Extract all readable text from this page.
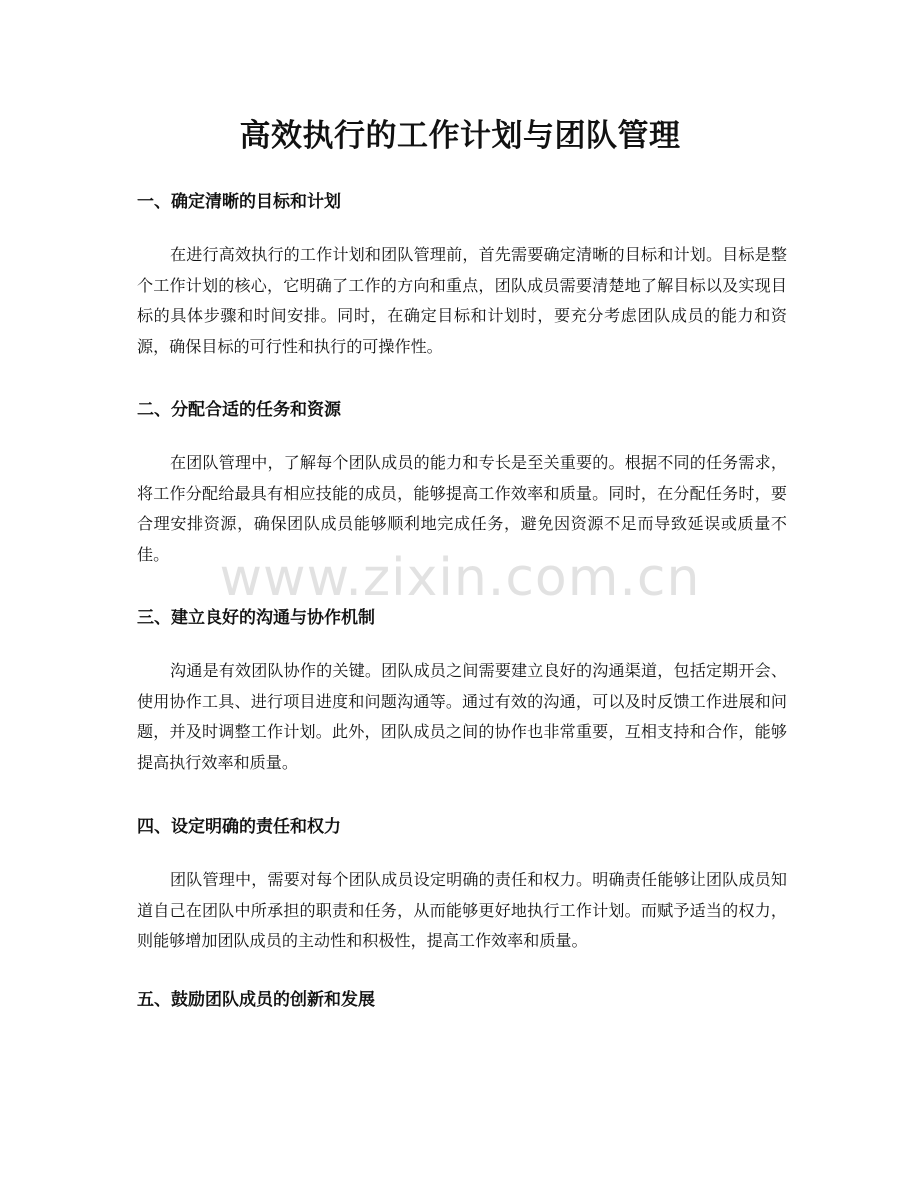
高效执行的工作计划与团队管理
一、确定清晰的目标和计划

在进行高效执行的工作计划和团队管理前，首先需要确定清晰的目标和计划。目标是整个工作计划的核心，它明确了工作的方向和重点，团队成员需要清楚地了解目标以及实现目标的具体步骤和时间安排。同时，在确定目标和计划时，要充分考虑团队成员的能力和资源，确保目标的可行性和执行的可操作性。

二、分配合适的任务和资源

在团队管理中，了解每个团队成员的能力和专长是至关重要的。根据不同的任务需求，将工作分配给最具有相应技能的成员，能够提高工作效率和质量。同时，在分配任务时，要合理安排资源，确保团队成员能够顺利地完成任务，避免因资源不足而导致延误或质量不佳。

三、建立良好的沟通与协作机制

沟通是有效团队协作的关键。团队成员之间需要建立良好的沟通渠道，包括定期开会、使用协作工具、进行项目进度和问题沟通等。通过有效的沟通，可以及时反馈工作进展和问题，并及时调整工作计划。此外，团队成员之间的协作也非常重要，互相支持和合作，能够提高执行效率和质量。

四、设定明确的责任和权力

团队管理中，需要对每个团队成员设定明确的责任和权力。明确责任能够让团队成员知道自己在团队中所承担的职责和任务，从而能够更好地执行工作计划。而赋予适当的权力，则能够增加团队成员的主动性和积极性，提高工作效率和质量。

五、鼓励团队成员的创新和发展
www.zixin.com.cn
